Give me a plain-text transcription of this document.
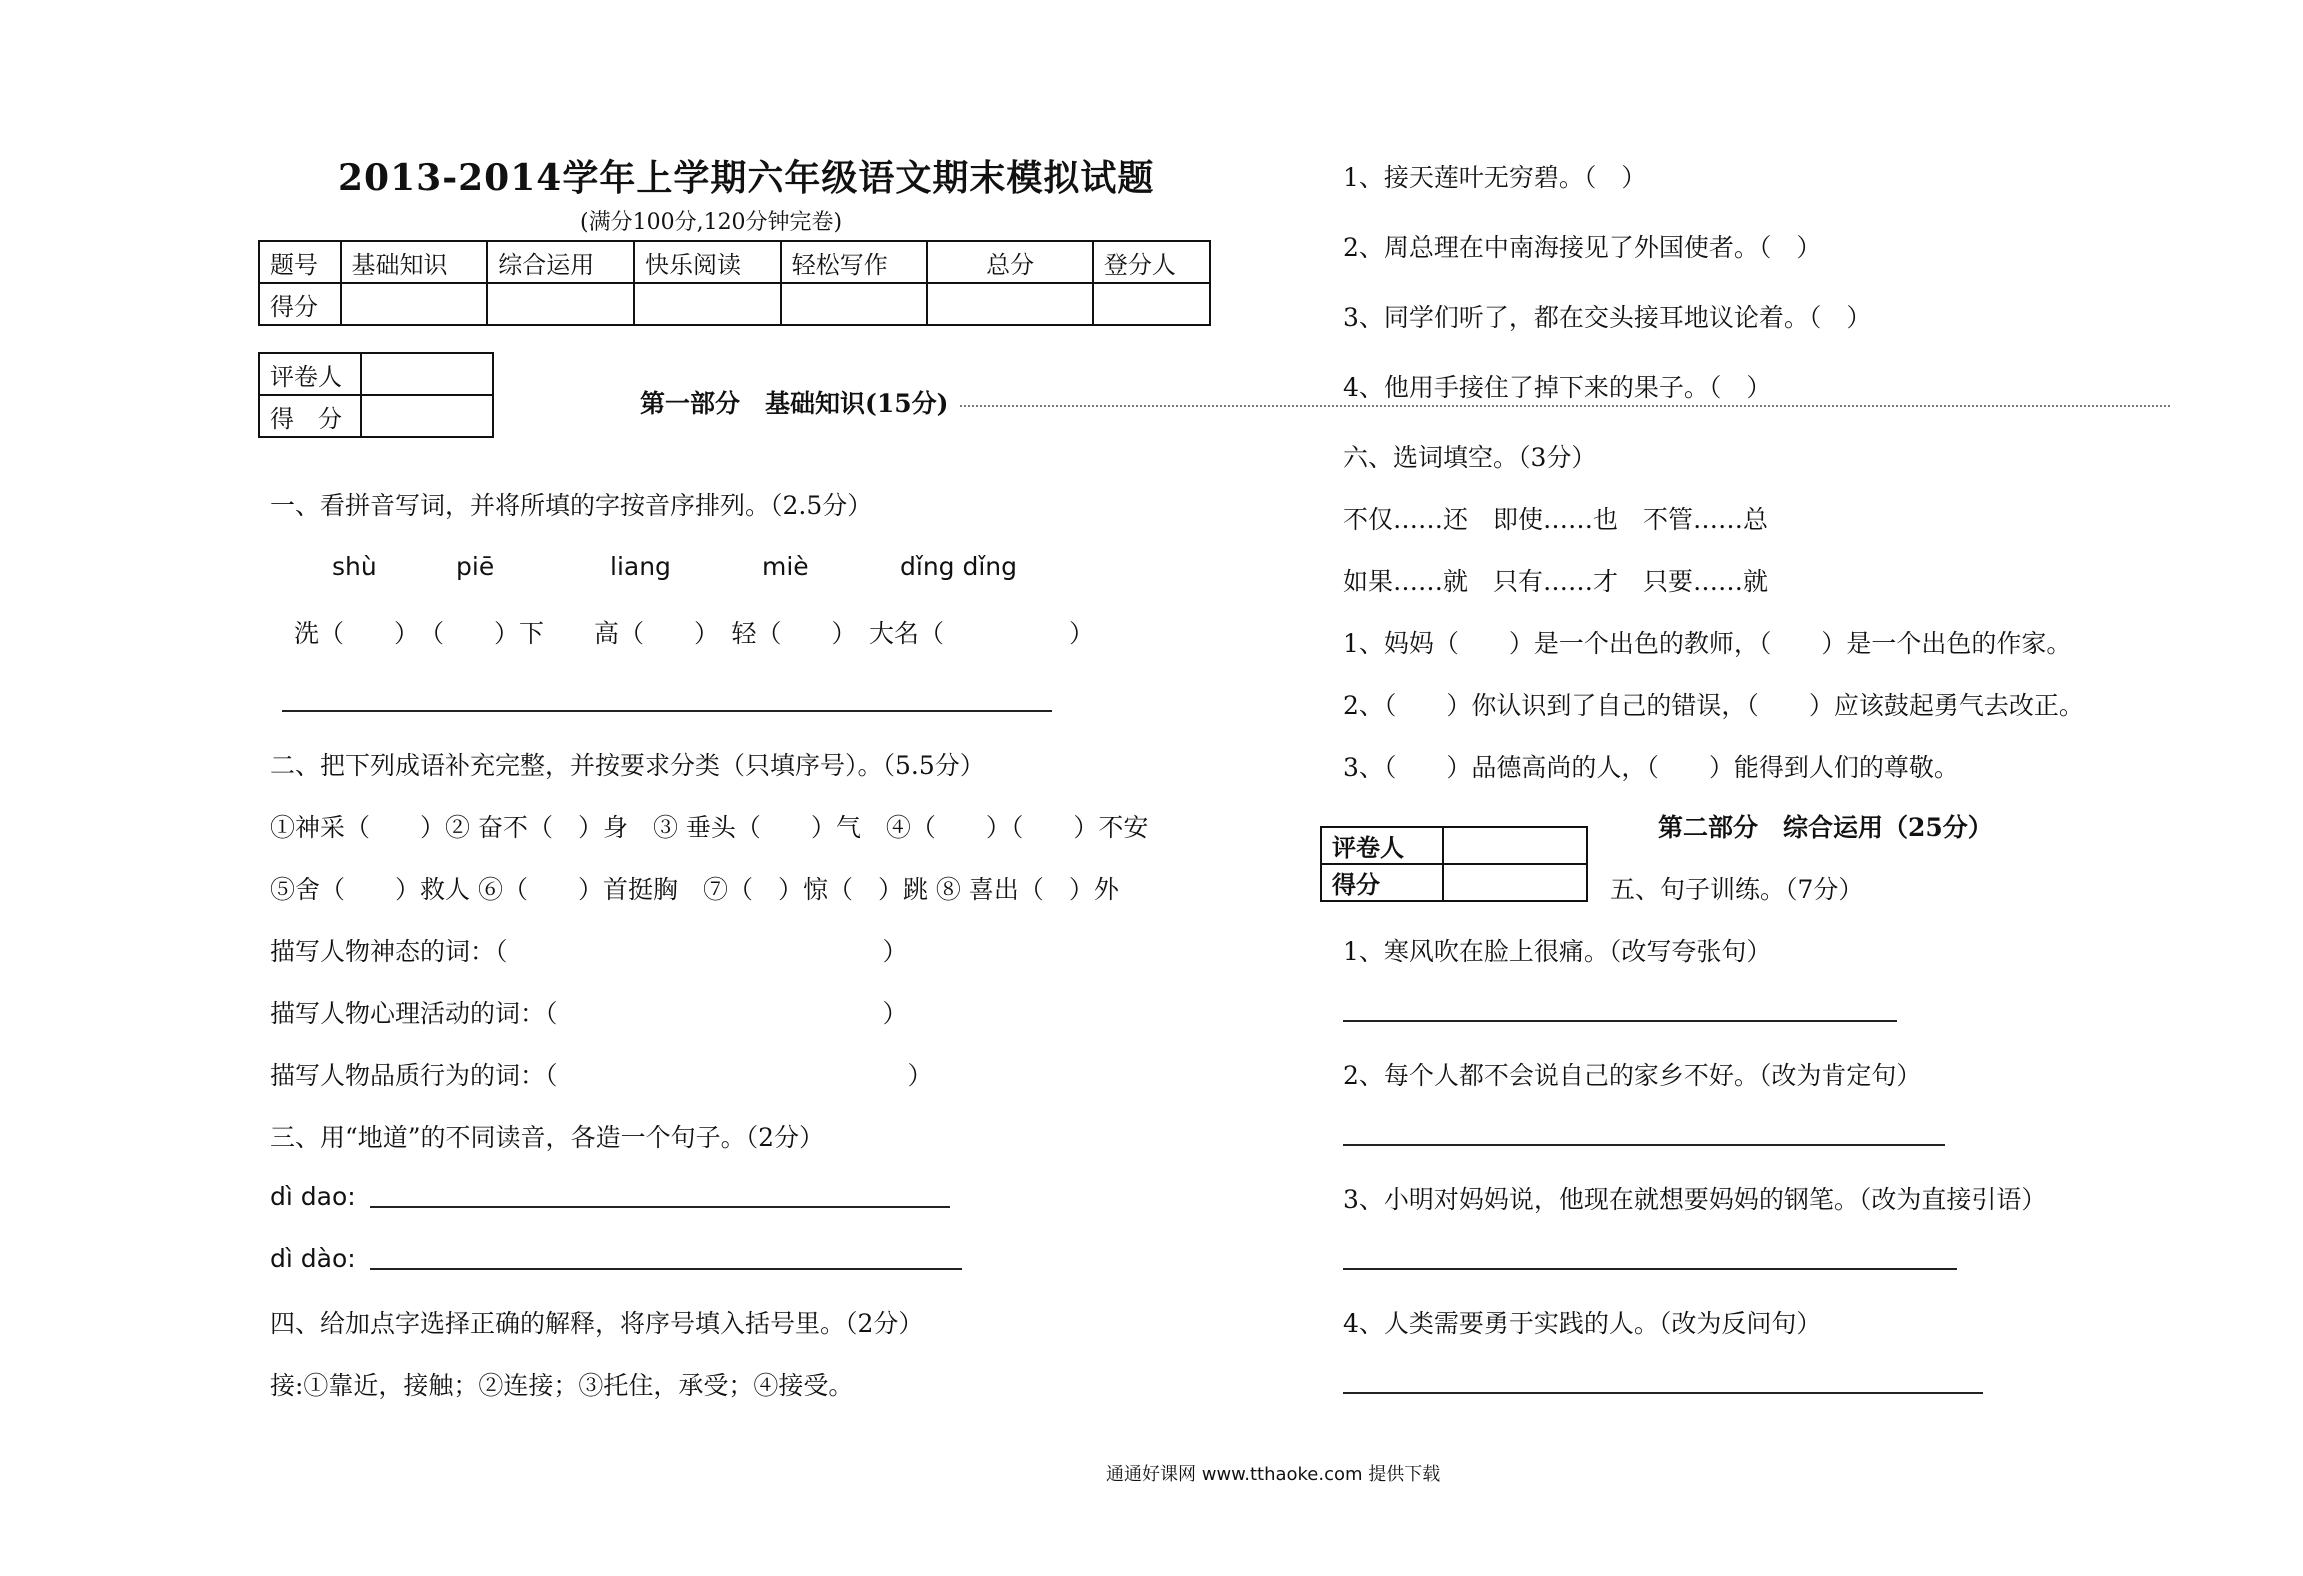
2013-2014学年上学期六年级语文期末模拟试题
(满分100分,120分钟完卷)
题号	基础知识	综合运用	快乐阅读	轻松写作	总分	登分人
得分						
评卷人	
得　分	
第一部分　基础知识(15分)
一、看拼音写词，并将所填的字按音序排列。（2.5分）
shù	piē	liang	miè	dǐng dǐng
洗（　　）　（　　）下　　高（　　）　轻（　　）　大名（　　　　　）
二、把下列成语补充完整，并按要求分类（只填序号）。（5.5分）
①神采（　　）② 奋不（　）身　③ 垂头（　　）气　④（　　）（　　）不安
⑤舍（　　）救人 ⑥（　　）首挺胸　⑦（　）惊（　）跳 ⑧ 喜出（　）外
描写人物神态的词：（　　　　　　　　　　　　　　　）
描写人物心理活动的词：（　　　　　　　　　　　　　）
描写人物品质行为的词：（　　　　　　　　　　　　　　）
三、用“地道”的不同读音，各造一个句子。（2分）
dì dao:
dì dào:
四、给加点字选择正确的解释，将序号填入括号里。（2分）
接:①靠近，接触；②连接；③托住，承受；④接受。
1、接天莲叶无穷碧。（　）
2、周总理在中南海接见了外国使者。（　）
3、同学们听了，都在交头接耳地议论着。（　）
4、他用手接住了掉下来的果子。（　）
六、选词填空。（3分）
不仅……还　即使……也　不管……总
如果……就　只有……才　只要……就
1、妈妈（　　）是一个出色的教师，（　　）是一个出色的作家。
2、（　　）你认识到了自己的错误，（　　）应该鼓起勇气去改正。
3、（　　）品德高尚的人，（　　）能得到人们的尊敬。
评卷人	
得分	
第二部分　综合运用（25分）
五、句子训练。（7分）
1、寒风吹在脸上很痛。（改写夸张句）
2、每个人都不会说自己的家乡不好。（改为肯定句）
3、小明对妈妈说，他现在就想要妈妈的钢笔。（改为直接引语）
4、人类需要勇于实践的人。（改为反问句）
通通好课网 www.tthaoke.com 提供下载
